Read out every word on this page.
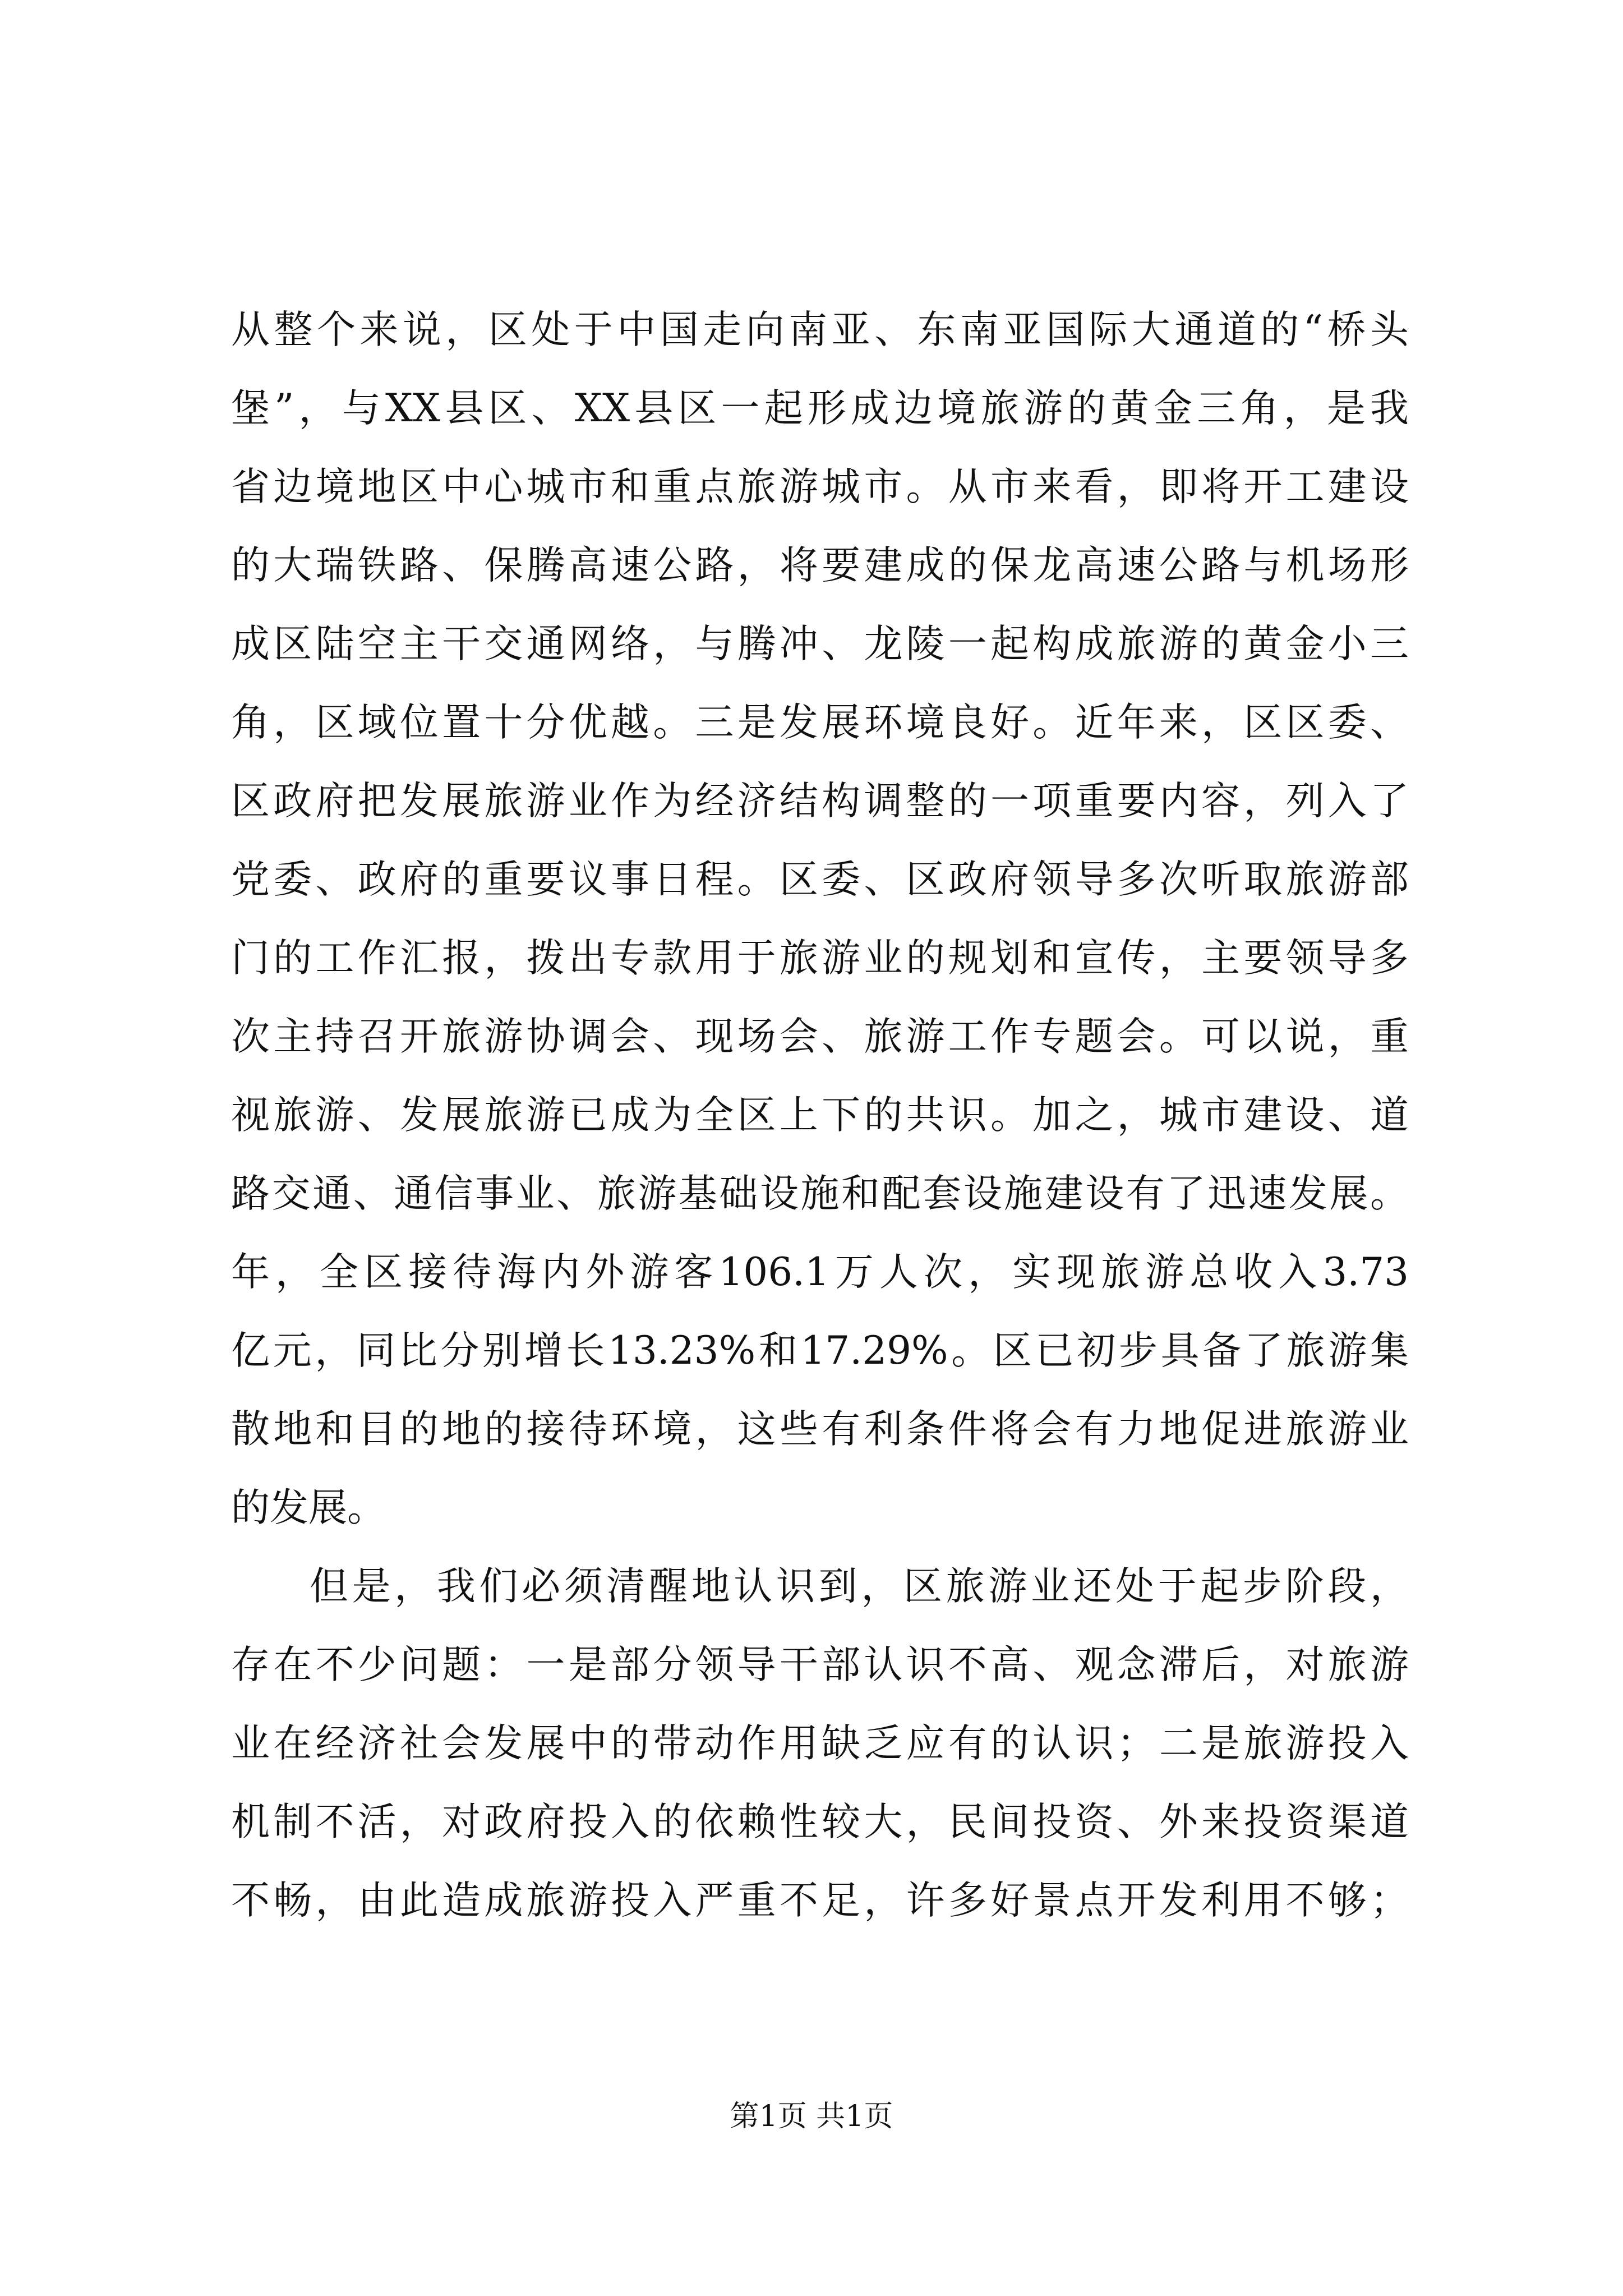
从整个来说，区处于中国走向南亚、东南亚国际大通道的“桥头
堡”，与XX县区、XX县区一起形成边境旅游的黄金三角，是我
省边境地区中心城市和重点旅游城市。从市来看，即将开工建设
的大瑞铁路、保腾高速公路，将要建成的保龙高速公路与机场形
成区陆空主干交通网络，与腾冲、龙陵一起构成旅游的黄金小三
角，区域位置十分优越。三是发展环境良好。近年来，区区委、
区政府把发展旅游业作为经济结构调整的一项重要内容，列入了
党委、政府的重要议事日程。区委、区政府领导多次听取旅游部
门的工作汇报，拨出专款用于旅游业的规划和宣传，主要领导多
次主持召开旅游协调会、现场会、旅游工作专题会。可以说，重
视旅游、发展旅游已成为全区上下的共识。加之，城市建设、道
路交通、通信事业、旅游基础设施和配套设施建设有了迅速发展。
年，全区接待海内外游客106.1万人次，实现旅游总收入3.73
亿元，同比分别增长13.23%和17.29%。区已初步具备了旅游集
散地和目的地的接待环境，这些有利条件将会有力地促进旅游业
的发展。
但是，我们必须清醒地认识到，区旅游业还处于起步阶段，
存在不少问题：一是部分领导干部认识不高、观念滞后，对旅游
业在经济社会发展中的带动作用缺乏应有的认识；二是旅游投入
机制不活，对政府投入的依赖性较大，民间投资、外来投资渠道
不畅，由此造成旅游投入严重不足，许多好景点开发利用不够；
第1页 共1页
